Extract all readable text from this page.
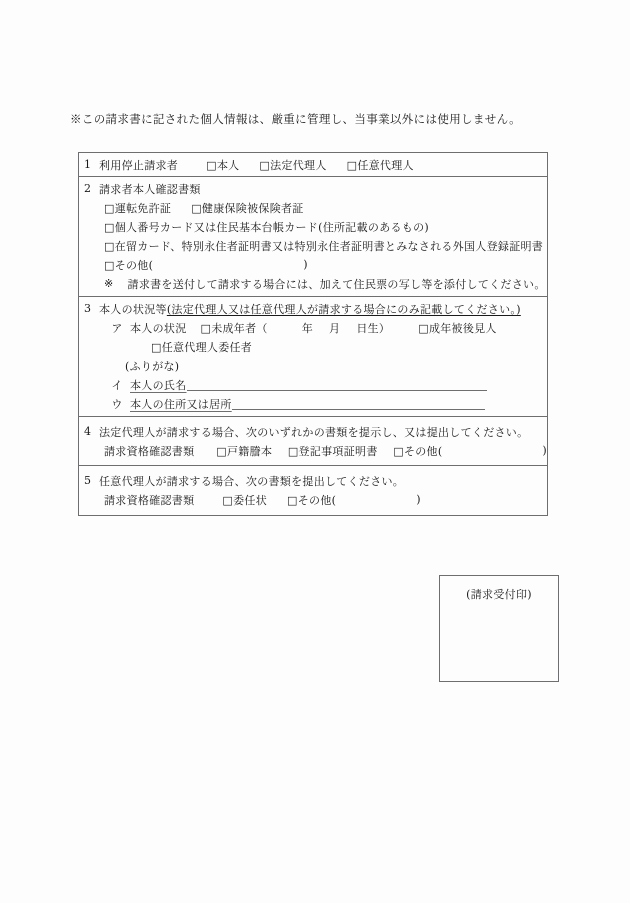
※この請求書に記された個人情報は、厳重に管理し、当事業以外には使用しません。
1 利用停止請求者	□ 本人	□ 法定代理人	□ 任意代理人
2 請求者本人確認書類
□ 運転免許証	□ 健康保険被保険者証
□ 個人番号カード又は住民基本台帳カード(住所記載のあるもの)
□ 在留カード、特別永住者証明書又は特別永住者証明書とみなされる外国人登録証明書
□ その他(	)
※ 請求書を送付して請求する場合には、加えて住民票の写し等を添付してください。
3 本人の状況等 (法定代理人又は任意代理人が請求する場合にのみ記載してください。)
ア 本人の状況	□ 未成年者（	年 月 日生）	□ 成年被後見人
□ 任意代理人委任者
(ふりがな)
イ 本人の氏名
ウ 本人の住所又は居所
4 法定代理人が請求する場合、次のいずれかの書類を提示し、又は提出してください。
請求資格確認書類	□ 戸籍謄本	□ 登記事項証明書	□ その他(	)
5 任意代理人が請求する場合、次の書類を提出してください。
請求資格確認書類	□ 委任状	□ その他(	)
(請求受付印)
